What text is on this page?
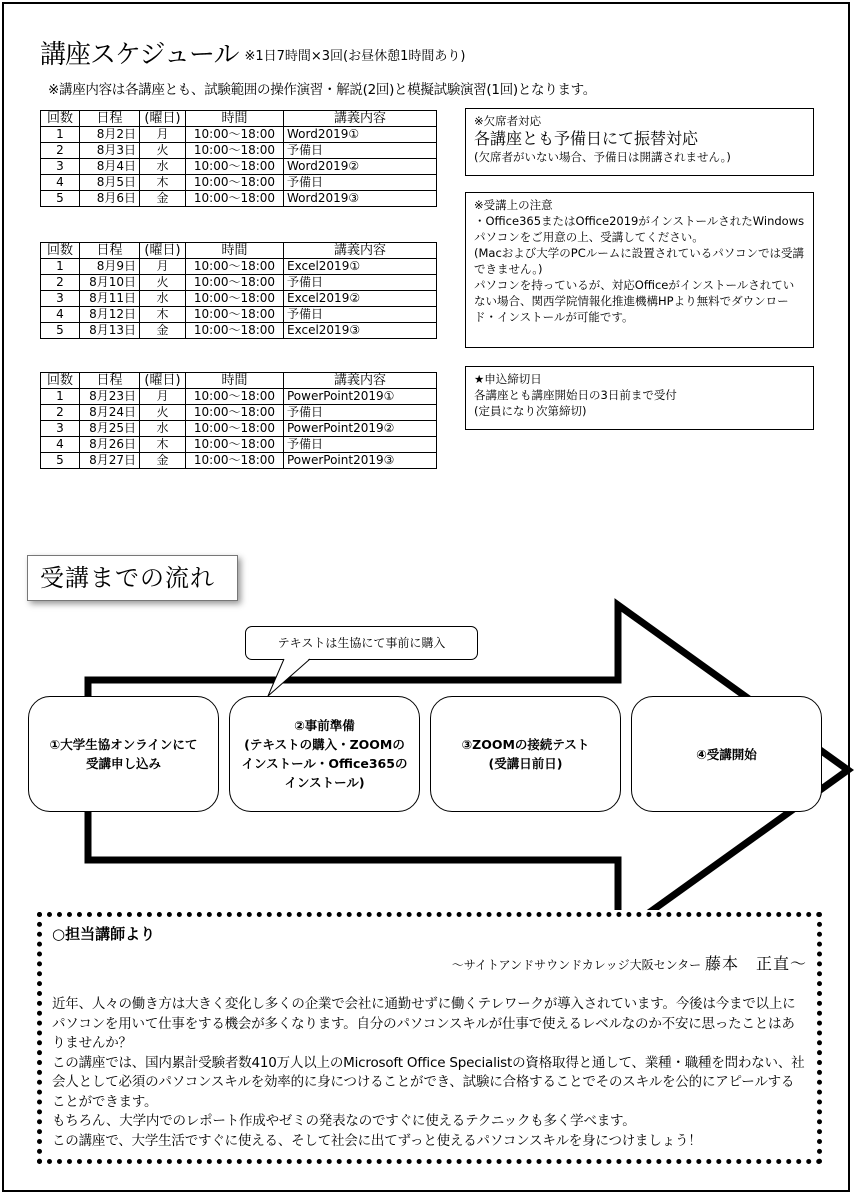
講座スケジュール ※1日7時間×3回(お昼休憩1時間あり)
※講座内容は各講座とも、試験範囲の操作演習・解説(2回)と模擬試験演習(1回)となります。
回数	日程	(曜日)	時間	講義内容
1	8月2日	月	10:00〜18:00	Word2019①
2	8月3日	火	10:00〜18:00	予備日
3	8月4日	水	10:00〜18:00	Word2019②
4	8月5日	木	10:00〜18:00	予備日
5	8月6日	金	10:00〜18:00	Word2019③
回数	日程	(曜日)	時間	講義内容
1	8月9日	月	10:00〜18:00	Excel2019①
2	8月10日	火	10:00〜18:00	予備日
3	8月11日	水	10:00〜18:00	Excel2019②
4	8月12日	木	10:00〜18:00	予備日
5	8月13日	金	10:00〜18:00	Excel2019③
回数	日程	(曜日)	時間	講義内容
1	8月23日	月	10:00〜18:00	PowerPoint2019①
2	8月24日	火	10:00〜18:00	予備日
3	8月25日	水	10:00〜18:00	PowerPoint2019②
4	8月26日	木	10:00〜18:00	予備日
5	8月27日	金	10:00〜18:00	PowerPoint2019③
※欠席者対応
各講座とも予備日にて振替対応
(欠席者がいない場合、予備日は開講されません。)
※受講上の注意
・Office365またはOffice2019がインストールされたWindowsパソコンをご用意の上、受講してください。
(Macおよび大学のPCルームに設置されているパソコンでは受講できません。)
パソコンを持っているが、対応Officeがインストールされていない場合、関西学院情報化推進機構HPより無料でダウンロード・インストールが可能です。
★申込締切日
各講座とも講座開始日の3日前まで受付
(定員になり次第締切)
受講までの流れ
テキストは生協にて事前に購入
①大学生協オンラインにて
受講申し込み
②事前準備
(テキストの購入・ZOOMの
インストール・Office365の
インストール)
③ZOOMの接続テスト
(受講日前日)
④受講開始
○担当講師より
〜サイトアンドサウンドカレッジ大阪センター 藤本　正直〜

近年、人々の働き方は大きく変化し多くの企業で会社に通勤せずに働くテレワークが導入されています。今後は今まで以上にパソコンを用いて仕事をする機会が多くなります。自分のパソコンスキルが仕事で使えるレベルなのか不安に思ったことはありませんか？

この講座では、国内累計受験者数410万人以上のMicrosoft Office Specialistの資格取得と通して、業種・職種を問わない、社会人として必須のパソコンスキルを効率的に身につけることができ、試験に合格することでそのスキルを公的にアピールすることができます。

もちろん、大学内でのレポート作成やゼミの発表なのですぐに使えるテクニックも多く学べます。

この講座で、大学生活ですぐに使える、そして社会に出てずっと使えるパソコンスキルを身につけましょう！
